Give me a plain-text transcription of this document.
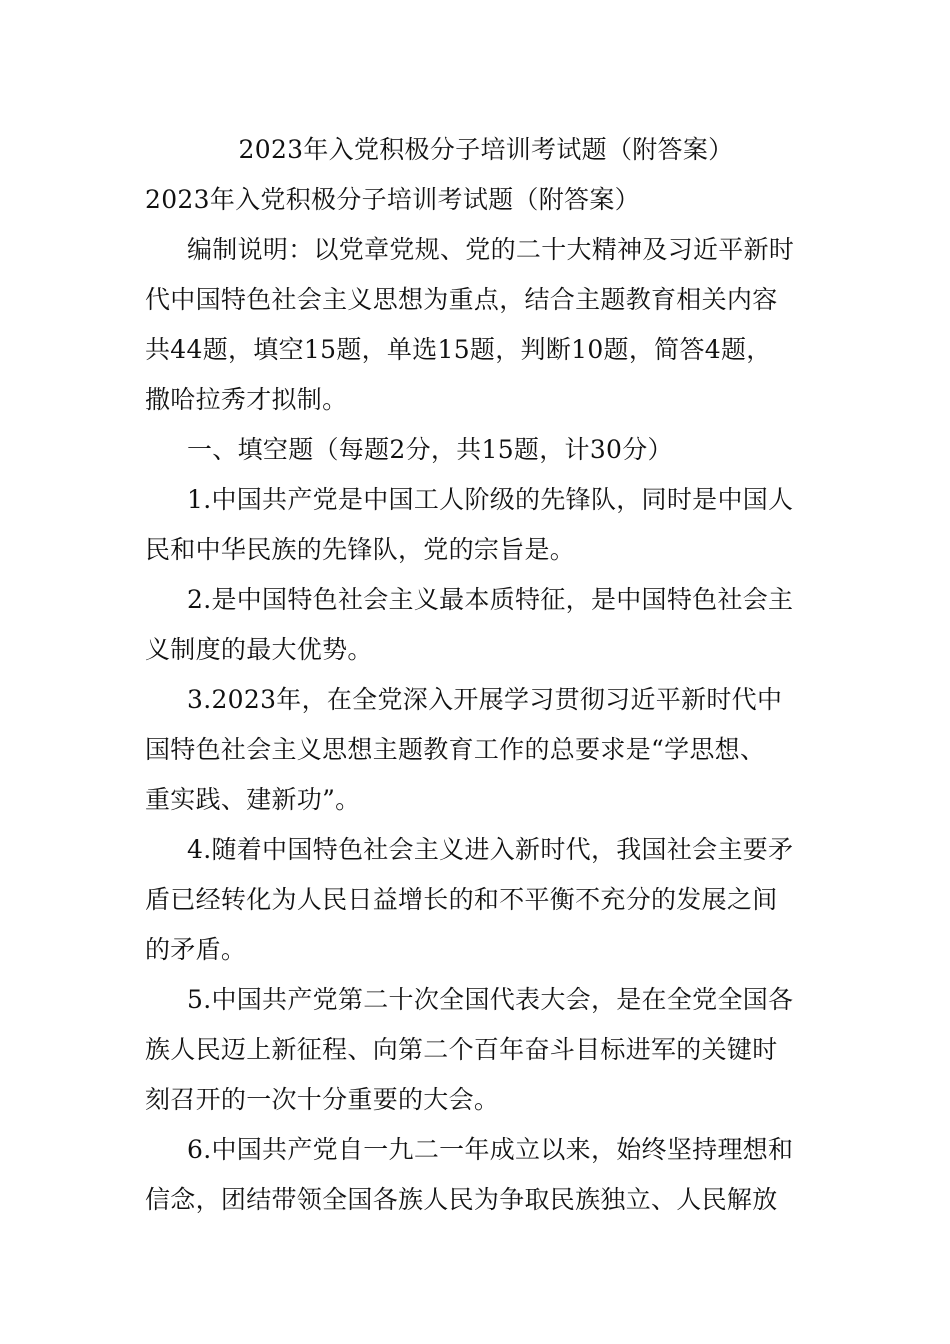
2023年入党积极分子培训考试题（附答案）
2023年入党积极分子培训考试题（附答案）
编制说明：以党章党规、党的二十大精神及习近平新时
代中国特色社会主义思想为重点，结合主题教育相关内容
共44题，填空15题，单选15题，判断10题，简答4题，
撒哈拉秀才拟制。
一、填空题（每题2分，共15题，计30分）
1.中国共产党是中国工人阶级的先锋队，同时是中国人
民和中华民族的先锋队，党的宗旨是。
2.是中国特色社会主义最本质特征，是中国特色社会主
义制度的最大优势。
3.2023年，在全党深入开展学习贯彻习近平新时代中
国特色社会主义思想主题教育工作的总要求是“学思想、
重实践、建新功”。
4.随着中国特色社会主义进入新时代，我国社会主要矛
盾已经转化为人民日益增长的和不平衡不充分的发展之间
的矛盾。
5.中国共产党第二十次全国代表大会，是在全党全国各
族人民迈上新征程、向第二个百年奋斗目标进军的关键时
刻召开的一次十分重要的大会。
6.中国共产党自一九二一年成立以来，始终坚持理想和
信念，团结带领全国各族人民为争取民族独立、人民解放
